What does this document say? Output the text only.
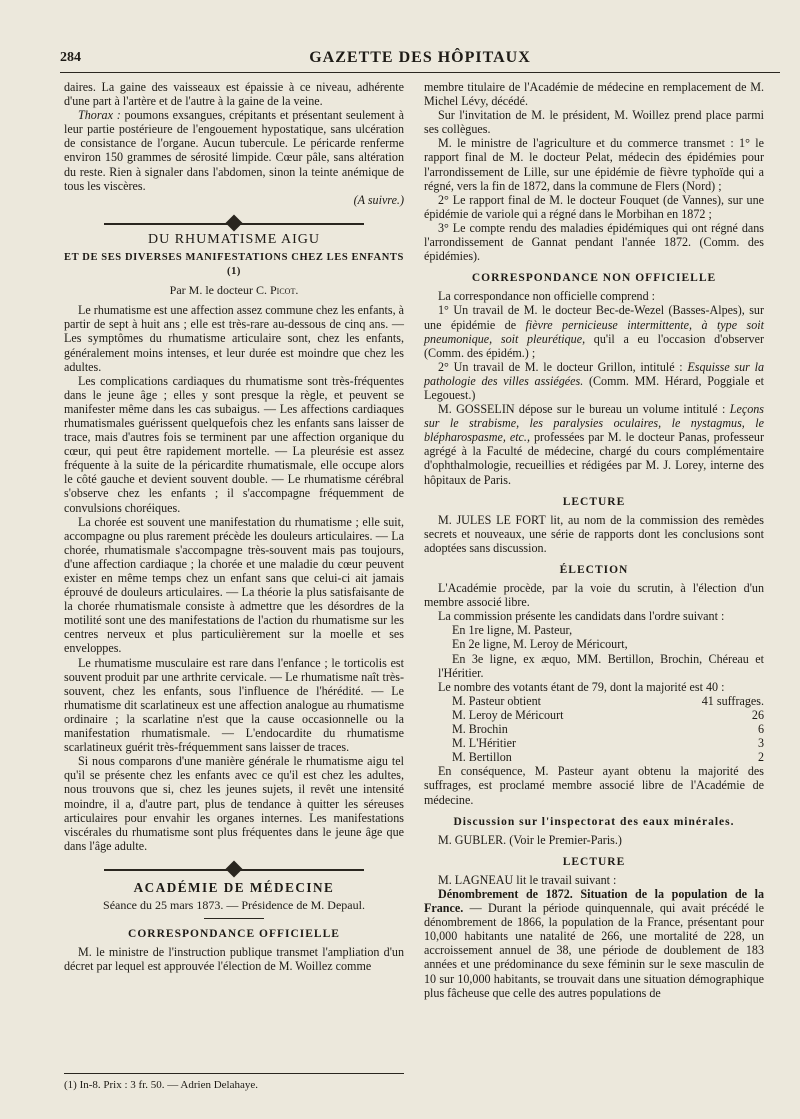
284	GAZETTE DES HÔPITAUX

daires. La gaine des vaisseaux est épaissie à ce niveau, adhérente d'une part à l'artère et de l'autre à la gaine de la veine.

Thorax : poumons exsangues, crépitants et présentant seulement à leur partie postérieure de l'engouement hypostatique, sans ulcération de consistance de l'organe. Aucun tubercule. Le péricarde renferme environ 150 grammes de sérosité limpide. Cœur pâle, sans altération du reste. Rien à signaler dans l'abdomen, sinon la teinte anémique de tous les viscères.

(A suivre.)

DU RHUMATISME AIGU
ET DE SES DIVERSES MANIFESTATIONS CHEZ LES ENFANTS (1)
Par M. le docteur C. Picot.

Le rhumatisme est une affection assez commune chez les enfants, à partir de sept à huit ans ; elle est très-rare au-dessous de cinq ans. — Les symptômes du rhumatisme articulaire sont, chez les enfants, généralement moins intenses, et leur durée est moindre que chez les adultes.

Les complications cardiaques du rhumatisme sont très-fréquentes dans le jeune âge ; elles y sont presque la règle, et peuvent se manifester même dans les cas subaigus. — Les affections cardiaques rhumatismales guérissent quelquefois chez les enfants sans laisser de trace, mais d'autres fois se terminent par une affection organique du cœur, qui peut être rapidement mortelle. — La pleurésie est assez fréquente à la suite de la péricardite rhumatismale, elle occupe alors le côté gauche et devient souvent double. — Le rhumatisme cérébral s'observe chez les enfants ; il s'accompagne fréquemment de convulsions choréiques.

La chorée est souvent une manifestation du rhumatisme ; elle suit, accompagne ou plus rarement précède les douleurs articulaires. — La chorée, rhumatismale s'accompagne très-souvent mais pas toujours, d'une affection cardiaque ; la chorée et une maladie du cœur peuvent exister en même temps chez un enfant sans que celui-ci ait jamais éprouvé de douleurs articulaires. — La théorie la plus satisfaisante de la chorée rhumatismale consiste à admettre que les désordres de la motilité sont une des manifestations de l'action du rhumatisme sur les centres nerveux et plus particulièrement sur la moelle et ses enveloppes.

Le rhumatisme musculaire est rare dans l'enfance ; le torticolis est souvent produit par une arthrite cervicale. — Le rhumatisme naît très-souvent, chez les enfants, sous l'influence de l'hérédité. — Le rhumatisme dit scarlatineux est une affection analogue au rhumatisme ordinaire ; la scarlatine n'est que la cause occasionnelle ou la manifestation rhumatismale. — L'endocardite du rhumatisme scarlatineux guérit très-fréquemment sans laisser de traces.

Si nous comparons d'une manière générale le rhumatisme aigu tel qu'il se présente chez les enfants avec ce qu'il est chez les adultes, nous trouvons que si, chez les jeunes sujets, il revêt une intensité moindre, il a, d'autre part, plus de tendance à quitter les séreuses articulaires pour envahir les organes internes. Les manifestations viscérales du rhumatisme sont plus fréquentes dans le jeune âge que dans l'âge adulte.

ACADÉMIE DE MÉDECINE
Séance du 25 mars 1873. — Présidence de M. Depaul.
CORRESPONDANCE OFFICIELLE

M. le ministre de l'instruction publique transmet l'ampliation d'un décret par lequel est approuvée l'élection de M. Woillez comme

(1) In-8. Prix : 3 fr. 50. — Adrien Delahaye.

membre titulaire de l'Académie de médecine en remplacement de M. Michel Lévy, décédé.

Sur l'invitation de M. le président, M. Woillez prend place parmi ses collègues.

M. le ministre de l'agriculture et du commerce transmet : 1° le rapport final de M. le docteur Pelat, médecin des épidémies pour l'arrondissement de Lille, sur une épidémie de fièvre typhoïde qui a régné, vers la fin de 1872, dans la commune de Flers (Nord) ;

2° Le rapport final de M. le docteur Fouquet (de Vannes), sur une épidémie de variole qui a régné dans le Morbihan en 1872 ;

3° Le compte rendu des maladies épidémiques qui ont régné dans l'arrondissement de Gannat pendant l'année 1872. (Comm. des épidémies).

CORRESPONDANCE NON OFFICIELLE

La correspondance non officielle comprend :

1° Un travail de M. le docteur Bec-de-Wezel (Basses-Alpes), sur une épidémie de fièvre pernicieuse intermittente, à type soit pneumonique, soit pleurétique, qu'il a eu l'occasion d'observer (Comm. des épidém.) ;

2° Un travail de M. le docteur Grillon, intitulé : Esquisse sur la pathologie des villes assiégées. (Comm. MM. Hérard, Poggiale et Legouest.)

M. GOSSELIN dépose sur le bureau un volume intitulé : Leçons sur le strabisme, les paralysies oculaires, le nystagmus, le blépharospasme, etc., professées par M. le docteur Panas, professeur agrégé à la Faculté de médecine, chargé du cours complémentaire d'ophthalmologie, recueillies et rédigées par M. J. Lorey, interne des hôpitaux de Paris.

LECTURE

M. JULES LE FORT lit, au nom de la commission des remèdes secrets et nouveaux, une série de rapports dont les conclusions sont adoptées sans discussion.

ÉLECTION

L'Académie procède, par la voie du scrutin, à l'élection d'un membre associé libre.

La commission présente les candidats dans l'ordre suivant :

En 1re ligne, M. Pasteur,

En 2e ligne, M. Leroy de Méricourt,

En 3e ligne, ex æquo, MM. Bertillon, Brochin, Chéreau et l'Héritier.

Le nombre des votants étant de 79, dont la majorité est 40 :

M. Pasteur obtient	41 suffrages.
M. Leroy de Méricourt	26
M. Brochin	6
M. L'Héritier	3
M. Bertillon	2

En conséquence, M. Pasteur ayant obtenu la majorité des suffrages, est proclamé membre associé libre de l'Académie de médecine.

Discussion sur l'inspectorat des eaux minérales.

M. GUBLER. (Voir le Premier-Paris.)

LECTURE

M. LAGNEAU lit le travail suivant :

Dénombrement de 1872. Situation de la population de la France. — Durant la période quinquennale, qui avait précédé le dénombrement de 1866, la population de la France, présentant pour 10,000 habitants une natalité de 266, une mortalité de 228, un accroissement annuel de 38, une période de doublement de 183 années et une prédominance du sexe féminin sur le sexe masculin de 10 sur 10,000 habitants, se trouvait dans une situation démographique plus fâcheuse que celle des autres populations de
